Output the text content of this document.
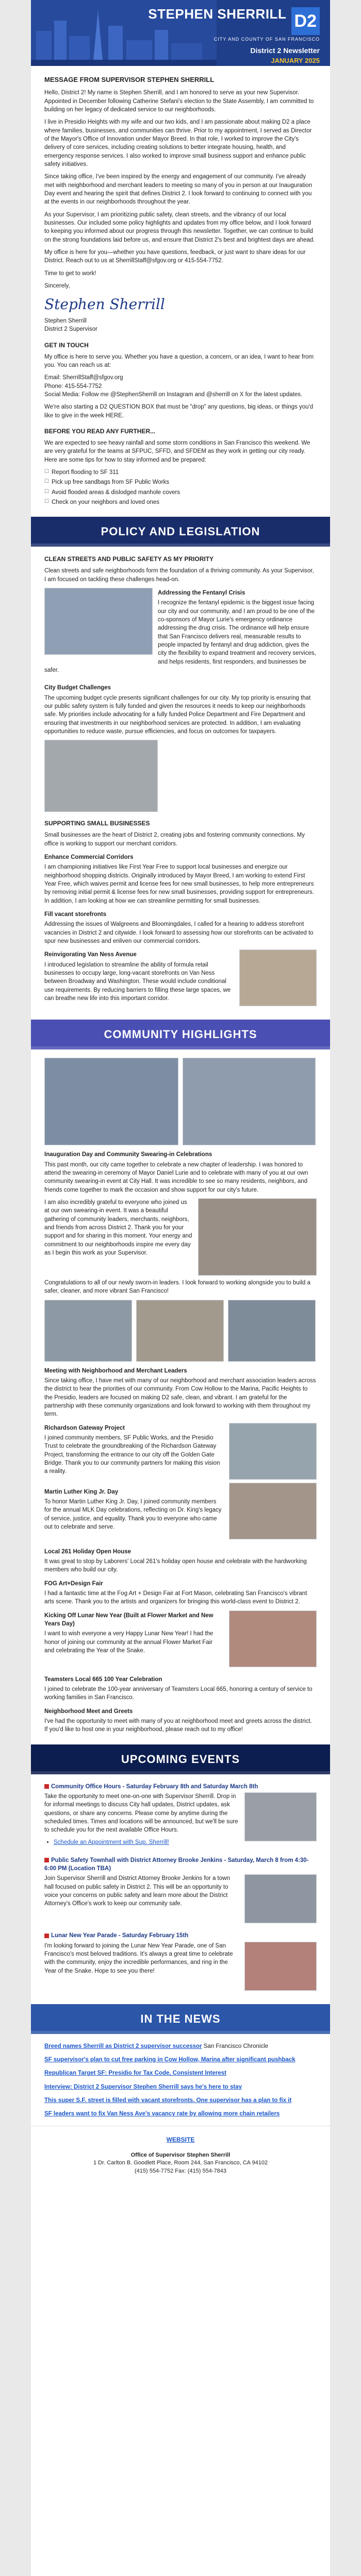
STEPHEN SHERRILL D2
CITY AND COUNTY OF SAN FRANCISCO
District 2 Newsletter
JANUARY 2025
MESSAGE FROM SUPERVISOR STEPHEN SHERRILL

Hello, District 2! My name is Stephen Sherrill, and I am honored to serve as your new Supervisor. Appointed in December following Catherine Stefani's election to the State Assembly, I am committed to building on her legacy of dedicated service to our neighborhoods.

I live in Presidio Heights with my wife and our two kids, and I am passionate about making D2 a place where families, businesses, and communities can thrive. Prior to my appointment, I served as Director of the Mayor's Office of Innovation under Mayor Breed. In that role, I worked to improve the City's delivery of core services, including creating solutions to better integrate housing, health, and emergency response services. I also worked to improve small business support and enhance public safety initiatives.

Since taking office, I've been inspired by the energy and engagement of our community. I've already met with neighborhood and merchant leaders to meeting so many of you in person at our Inauguration Day event and hearing the spirit that defines District 2. I look forward to continuing to connect with you at the events in our neighborhoods throughout the year.

As your Supervisor, I am prioritizing public safety, clean streets, and the vibrancy of our local businesses. Our included some policy highlights and updates from my office below, and I look forward to keeping you informed about our progress through this newsletter. Together, we can continue to build on the strong foundations laid before us, and ensure that District 2's best and brightest days are ahead.

My office is here for you—whether you have questions, feedback, or just want to share ideas for our District. Reach out to us at SherrillStaff@sfgov.org or 415-554-7752.

Time to get to work!

Sincerely,

Stephen Sherrill
Stephen Sherrill
District 2 Supervisor
GET IN TOUCH

My office is here to serve you. Whether you have a question, a concern, or an idea, I want to hear from you. You can reach us at:

Email: SherrillStaff@sfgov.org
Phone: 415-554-7752

Social Media: Follow me @StephenSherrill on Instagram and @sherrill on X for the latest updates.

We're also starting a D2 QUESTION BOX that must be "drop" any questions, big ideas, or things you'd like to give in the week HERE.

BEFORE YOU READ ANY FURTHER...

We are expected to see heavy rainfall and some storm conditions in San Francisco this weekend. We are very grateful for the teams at SFPUC, SFFD, and SFDEM as they work in getting our city ready. Here are some tips for how to stay informed and be prepared:

☐ Report flooding to SF 311
☐ Pick up free sandbags from SF Public Works
☐ Avoid flooded areas & dislodged manhole covers
☐ Check on your neighbors and loved ones
POLICY AND LEGISLATION
CLEAN STREETS AND PUBLIC SAFETY AS MY PRIORITY

Clean streets and safe neighborhoods form the foundation of a thriving community. As your Supervisor, I am focused on tackling these challenges head-on.

Addressing the Fentanyl Crisis

I recognize the fentanyl epidemic is the biggest issue facing our city and our community, and I am proud to be one of the co-sponsors of Mayor Lurie's emergency ordinance addressing the drug crisis. The ordinance will help ensure that San Francisco delivers real, measurable results to people impacted by fentanyl and drug addiction, gives the city the flexibility to expand treatment and recovery services, and helps residents, first responders, and businesses be safer.

City Budget Challenges

The upcoming budget cycle presents significant challenges for our city. My top priority is ensuring that our public safety system is fully funded and given the resources it needs to keep our neighborhoods safe. My priorities include advocating for a fully funded Police Department and Fire Department and ensuring that investments in our neighborhood services are protected. In addition, I am evaluating opportunities to reduce waste, pursue efficiencies, and focus on outcomes for taxpayers.

SUPPORTING SMALL BUSINESSES

Small businesses are the heart of District 2, creating jobs and fostering community connections. My office is working to support our merchant corridors.

Enhance Commercial Corridors

I am championing initiatives like First Year Free to support local businesses and energize our neighborhood shopping districts. Originally introduced by Mayor Breed, I am working to extend First Year Free, which waives permit and license fees for new small businesses, to help more entrepreneurs by removing initial permit & license fees for new small businesses, providing support for entrepreneurs. In addition, I am looking at how we can streamline permitting for small businesses.

Fill vacant storefronts

Addressing the issues of Walgreens and Bloomingdales, I called for a hearing to address storefront vacancies in District 2 and citywide. I look forward to assessing how our storefronts can be activated to spur new businesses and enliven our commercial corridors.

Reinvigorating Van Ness Avenue

I introduced legislation to streamline the ability of formula retail businesses to occupy large, long-vacant storefronts on Van Ness between Broadway and Washington. These would include conditional use requirements. By reducing barriers to filling these large spaces, we can breathe new life into this important corridor.

COMMUNITY HIGHLIGHTS
Inauguration Day and Community Swearing-in Celebrations

This past month, our city came together to celebrate a new chapter of leadership. I was honored to attend the swearing-in ceremony of Mayor Daniel Lurie and to celebrate with many of you at our own community swearing-in event at City Hall. It was incredible to see so many residents, neighbors, and friends come together to mark the occasion and show support for our city's future.

I am also incredibly grateful to everyone who joined us at our own swearing-in event. It was a beautiful gathering of community leaders, merchants, neighbors, and friends from across District 2. Thank you for your support and for sharing in this moment. Your energy and commitment to our neighborhoods inspire me every day as I begin this work as your Supervisor.

Congratulations to all of our newly sworn-in leaders. I look forward to working alongside you to build a safer, cleaner, and more vibrant San Francisco!

Meeting with Neighborhood and Merchant Leaders

Since taking office, I have met with many of our neighborhood and merchant association leaders across the district to hear the priorities of our community. From Cow Hollow to the Marina, Pacific Heights to the Presidio, leaders are focused on making D2 safe, clean, and vibrant. I am grateful for the partnership with these community organizations and look forward to working with them throughout my term.

Richardson Gateway Project

I joined community members, SF Public Works, and the Presidio Trust to celebrate the groundbreaking of the Richardson Gateway Project, transforming the entrance to our city off the Golden Gate Bridge. Thank you to our community partners for making this vision a reality.

Martin Luther King Jr. Day

To honor Martin Luther King Jr. Day, I joined community members for the annual MLK Day celebrations, reflecting on Dr. King's legacy of service, justice, and equality. Thank you to everyone who came out to celebrate and serve.

Local 261 Holiday Open House

It was great to stop by Laborers' Local 261's holiday open house and celebrate with the hardworking members who build our city.

FOG Art+Design Fair

I had a fantastic time at the Fog Art + Design Fair at Fort Mason, celebrating San Francisco's vibrant arts scene. Thank you to the artists and organizers for bringing this world-class event to District 2.

Kicking Off Lunar New Year (Built at Flower Market and New Years Day)

I want to wish everyone a very Happy Lunar New Year! I had the honor of joining our community at the annual Flower Market Fair and celebrating the Year of the Snake.

Teamsters Local 665 100 Year Celebration

I joined to celebrate the 100-year anniversary of Teamsters Local 665, honoring a century of service to working families in San Francisco.

Neighborhood Meet and Greets

I've had the opportunity to meet with many of you at neighborhood meet and greets across the district. If you'd like to host one in your neighborhood, please reach out to my office!

UPCOMING EVENTS
Community Office Hours - Saturday February 8th and Saturday March 8th

Take the opportunity to meet one-on-one with Supervisor Sherrill. Drop in for informal meetings to discuss City hall updates, District updates, ask questions, or share any concerns. Please come by anytime during the scheduled times. Times and locations will be announced, but we'll be sure to schedule you for the next available Office Hours.

• Schedule an Appointment with Sup. Sherrill!
Public Safety Townhall with District Attorney Brooke Jenkins - Saturday, March 8 from 4:30-6:00 PM (Location TBA)

Join Supervisor Sherrill and District Attorney Brooke Jenkins for a town hall focused on public safety in District 2. This will be an opportunity to voice your concerns on public safety and learn more about the District Attorney's Office's work to keep our community safe.

Lunar New Year Parade - Saturday February 15th

I'm looking forward to joining the Lunar New Year Parade, one of San Francisco's most beloved traditions. It's always a great time to celebrate with the community, enjoy the incredible performances, and ring in the Year of the Snake. Hope to see you there!

IN THE NEWS
Breed names Sherrill as District 2 supervisor successor San Francisco Chronicle
SF supervisor's plan to cut free parking in Cow Hollow, Marina after significant pushback
Republican Target SF: Presidio for Tax Code, Consistent Interest
Interview: District 2 Supervisor Stephen Sherrill says he's here to stay
This super S.F. street is filled with vacant storefronts. One supervisor has a plan to fix it
SF leaders want to fix Van Ness Ave's vacancy rate by allowing more chain retailers
WEBSITE
Office of Supervisor Stephen Sherrill
1 Dr. Carlton B. Goodlett Place, Room 244, San Francisco, CA 94102
(415) 554-7752 Fax: (415) 554-7843
